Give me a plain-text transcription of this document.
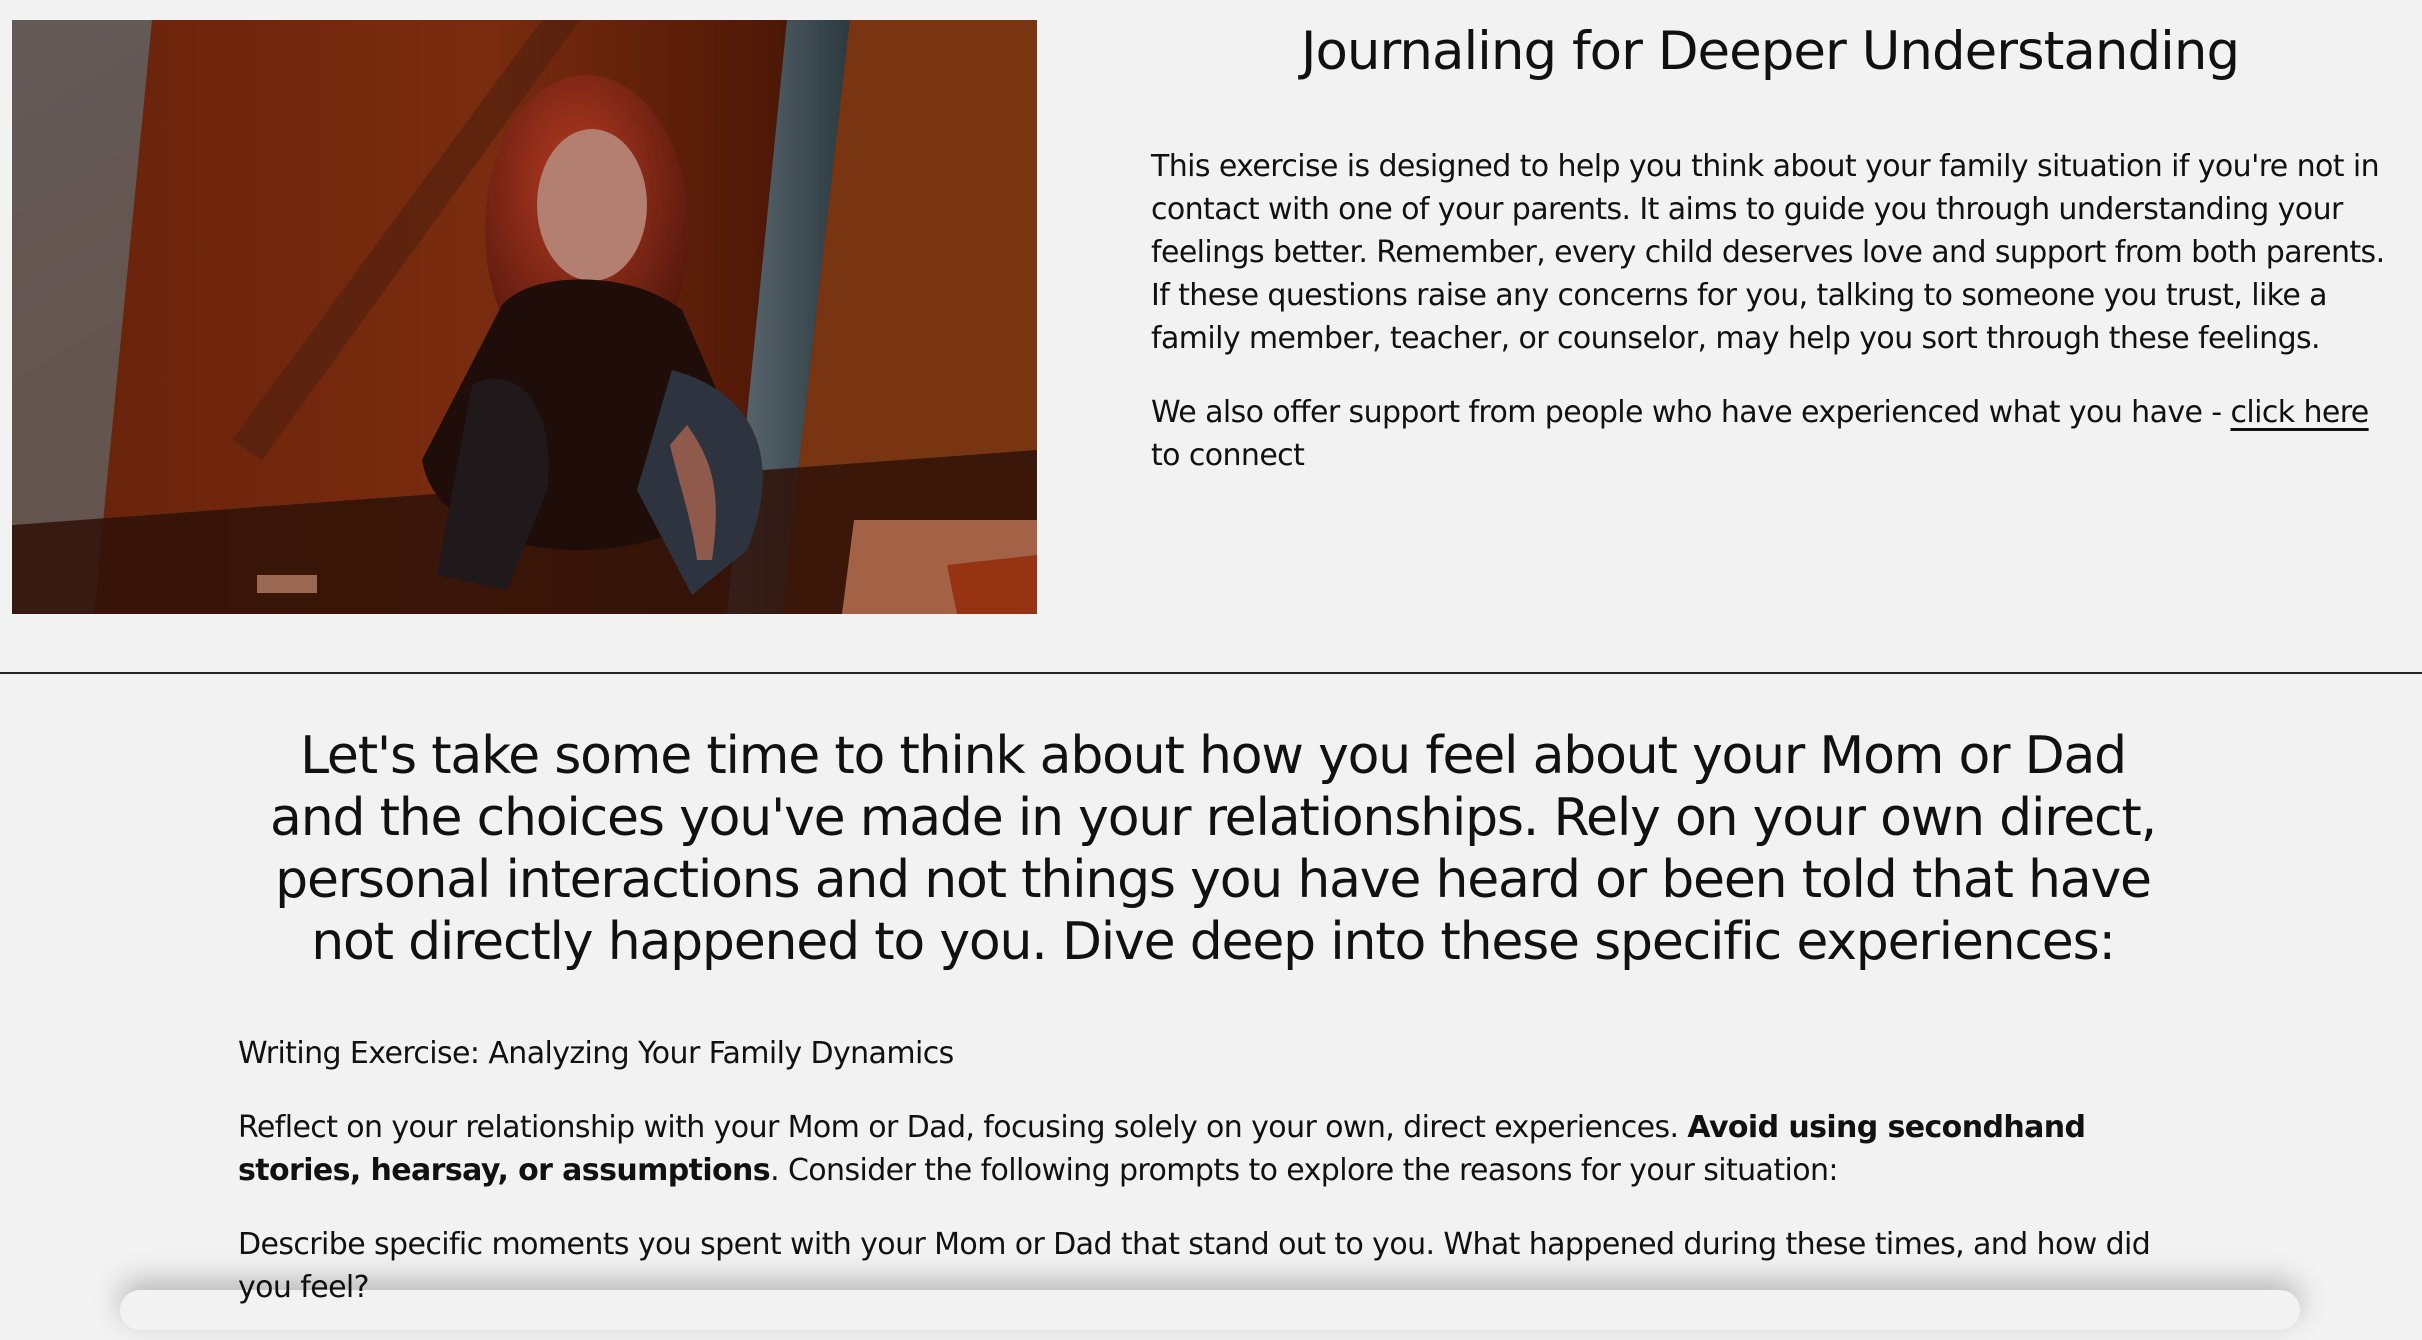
Journaling for Deeper Understanding

This exercise is designed to help you think about your family situation if you're not in contact with one of your parents. It aims to guide you through understanding your feelings better. Remember, every child deserves love and support from both parents. If these questions raise any concerns for you, talking to someone you trust, like a family member, teacher, or counselor, may help you sort through these feelings.

We also offer support from people who have experienced what you have - click here to connect

Let's take some time to think about how you feel about your Mom or Dad and the choices you've made in your relationships. Rely on your own direct, personal interactions and not things you have heard or been told that have not directly happened to you. Dive deep into these specific experiences:

Writing Exercise: Analyzing Your Family Dynamics

Reflect on your relationship with your Mom or Dad, focusing solely on your own, direct experiences. Avoid using secondhand stories, hearsay, or assumptions. Consider the following prompts to explore the reasons for your situation:

Describe specific moments you spent with your Mom or Dad that stand out to you. What happened during these times, and how did you feel?
